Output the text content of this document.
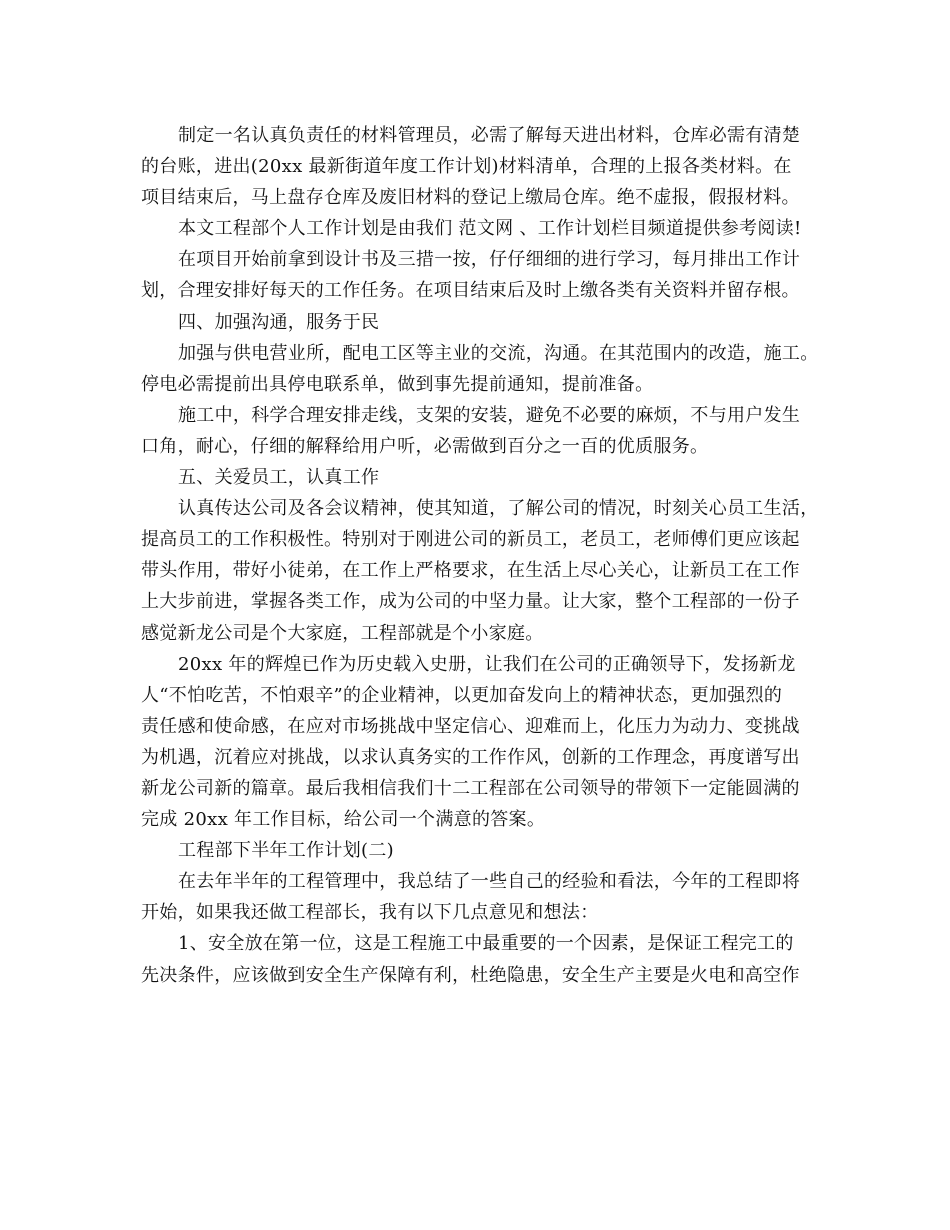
制定一名认真负责任的材料管理员，必需了解每天进出材料，仓库必需有清楚
的台账，进出(20xx 最新街道年度工作计划)材料清单，合理的上报各类材料。在
项目结束后，马上盘存仓库及废旧材料的登记上缴局仓库。绝不虚报，假报材料。
本文工程部个人工作计划是由我们 范文网 、工作计划栏目频道提供参考阅读!
在项目开始前拿到设计书及三措一按，仔仔细细的进行学习，每月排出工作计
划，合理安排好每天的工作任务。在项目结束后及时上缴各类有关资料并留存根。
四、加强沟通，服务于民
加强与供电营业所，配电工区等主业的交流，沟通。在其范围内的改造，施工。
停电必需提前出具停电联系单，做到事先提前通知，提前准备。
施工中，科学合理安排走线，支架的安装，避免不必要的麻烦，不与用户发生
口角，耐心，仔细的解释给用户听，必需做到百分之一百的优质服务。
五、关爱员工，认真工作
认真传达公司及各会议精神，使其知道，了解公司的情况，时刻关心员工生活，
提高员工的工作积极性。特别对于刚进公司的新员工，老员工，老师傅们更应该起
带头作用，带好小徒弟，在工作上严格要求，在生活上尽心关心，让新员工在工作
上大步前进，掌握各类工作，成为公司的中坚力量。让大家，整个工程部的一份子
感觉新龙公司是个大家庭，工程部就是个小家庭。
20xx 年的辉煌已作为历史载入史册，让我们在公司的正确领导下，发扬新龙
人“不怕吃苦，不怕艰辛”的企业精神，以更加奋发向上的精神状态，更加强烈的
责任感和使命感，在应对市场挑战中坚定信心、迎难而上，化压力为动力、变挑战
为机遇，沉着应对挑战，以求认真务实的工作作风，创新的工作理念，再度谱写出
新龙公司新的篇章。最后我相信我们十二工程部在公司领导的带领下一定能圆满的
完成 20xx 年工作目标，给公司一个满意的答案。
工程部下半年工作计划(二)
在去年半年的工程管理中，我总结了一些自己的经验和看法，今年的工程即将
开始，如果我还做工程部长，我有以下几点意见和想法：
1、安全放在第一位，这是工程施工中最重要的一个因素，是保证工程完工的
先决条件，应该做到安全生产保障有利，杜绝隐患，安全生产主要是火电和高空作
